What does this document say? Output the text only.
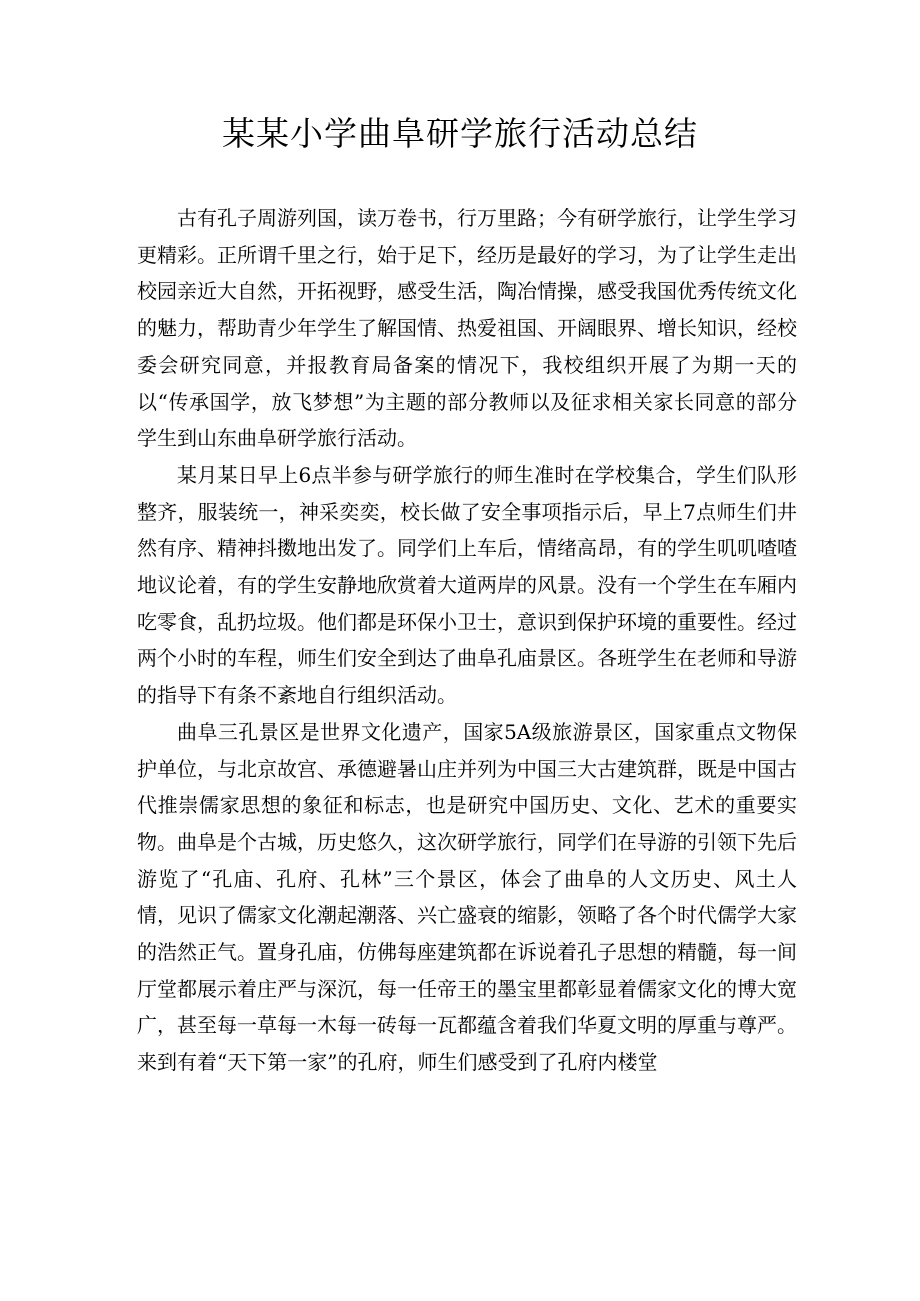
某某小学曲阜研学旅行活动总结

古有孔子周游列国，读万卷书，行万里路；今有研学旅行，让学生学习更精彩。正所谓千里之行，始于足下，经历是最好的学习，为了让学生走出校园亲近大自然，开拓视野，感受生活，陶冶情操，感受我国优秀传统文化的魅力，帮助青少年学生了解国情、热爱祖国、开阔眼界、增长知识，经校委会研究同意，并报教育局备案的情况下，我校组织开展了为期一天的以“传承国学，放飞梦想”为主题的部分教师以及征求相关家长同意的部分学生到山东曲阜研学旅行活动。

某月某日早上6点半参与研学旅行的师生准时在学校集合，学生们队形整齐，服装统一，神采奕奕，校长做了安全事项指示后，早上7点师生们井然有序、精神抖擞地出发了。同学们上车后，情绪高昂，有的学生叽叽喳喳地议论着，有的学生安静地欣赏着大道两岸的风景。没有一个学生在车厢内吃零食，乱扔垃圾。他们都是环保小卫士，意识到保护环境的重要性。经过两个小时的车程，师生们安全到达了曲阜孔庙景区。各班学生在老师和导游的指导下有条不紊地自行组织活动。

曲阜三孔景区是世界文化遗产，国家5A级旅游景区，国家重点文物保护单位，与北京故宫、承德避暑山庄并列为中国三大古建筑群，既是中国古代推崇儒家思想的象征和标志，也是研究中国历史、文化、艺术的重要实物。曲阜是个古城，历史悠久，这次研学旅行，同学们在导游的引领下先后游览了“孔庙、孔府、孔林”三个景区，体会了曲阜的人文历史、风土人情，见识了儒家文化潮起潮落、兴亡盛衰的缩影，领略了各个时代儒学大家的浩然正气。置身孔庙，仿佛每座建筑都在诉说着孔子思想的精髓，每一间厅堂都展示着庄严与深沉，每一任帝王的墨宝里都彰显着儒家文化的博大宽广，甚至每一草每一木每一砖每一瓦都蕴含着我们华夏文明的厚重与尊严。来到有着“天下第一家”的孔府，师生们感受到了孔府内楼堂
